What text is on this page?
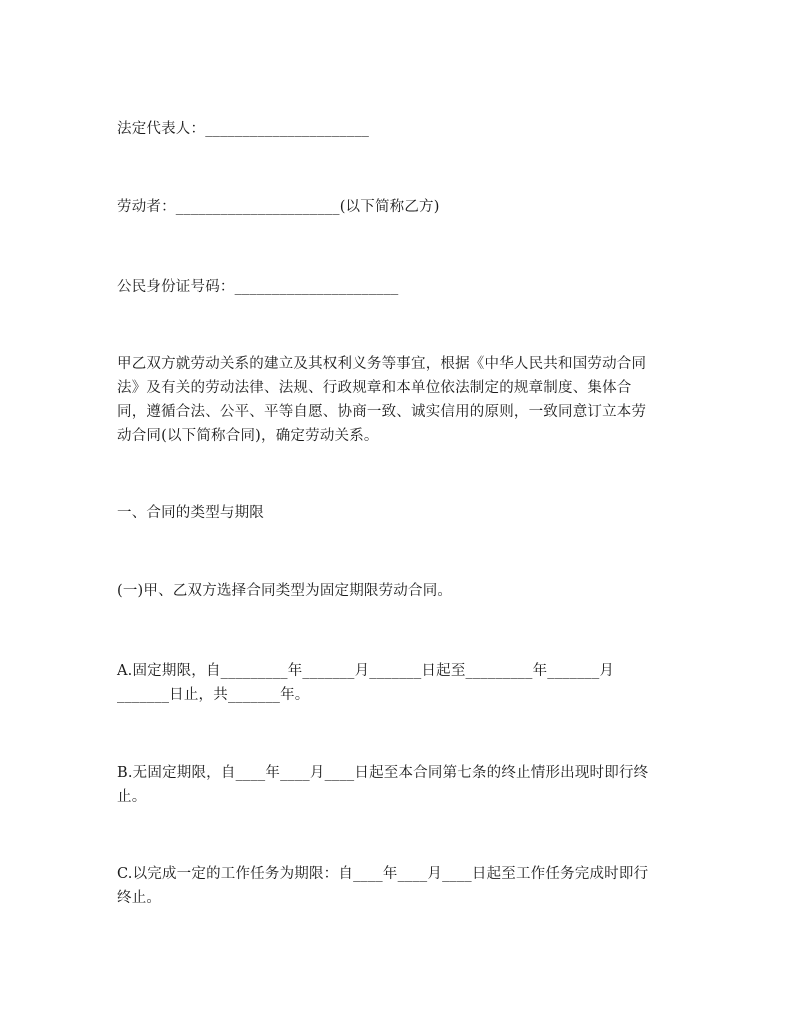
法定代表人：______________________
劳动者：______________________(以下简称乙方)
公民身份证号码：______________________
甲乙双方就劳动关系的建立及其权利义务等事宜，根据《中华人民共和国劳动合同
法》及有关的劳动法律、法规、行政规章和本单位依法制定的规章制度、集体合
同，遵循合法、公平、平等自愿、协商一致、诚实信用的原则，一致同意订立本劳
动合同(以下简称合同)，确定劳动关系。
一、合同的类型与期限
(一)甲、乙双方选择合同类型为固定期限劳动合同。
A.固定期限，自_________年_______月_______日起至_________年_______月
_______日止，共_______年。
B.无固定期限，自____年____月____日起至本合同第七条的终止情形出现时即行终
止。
C.以完成一定的工作任务为期限：自____年____月____日起至工作任务完成时即行
终止。
